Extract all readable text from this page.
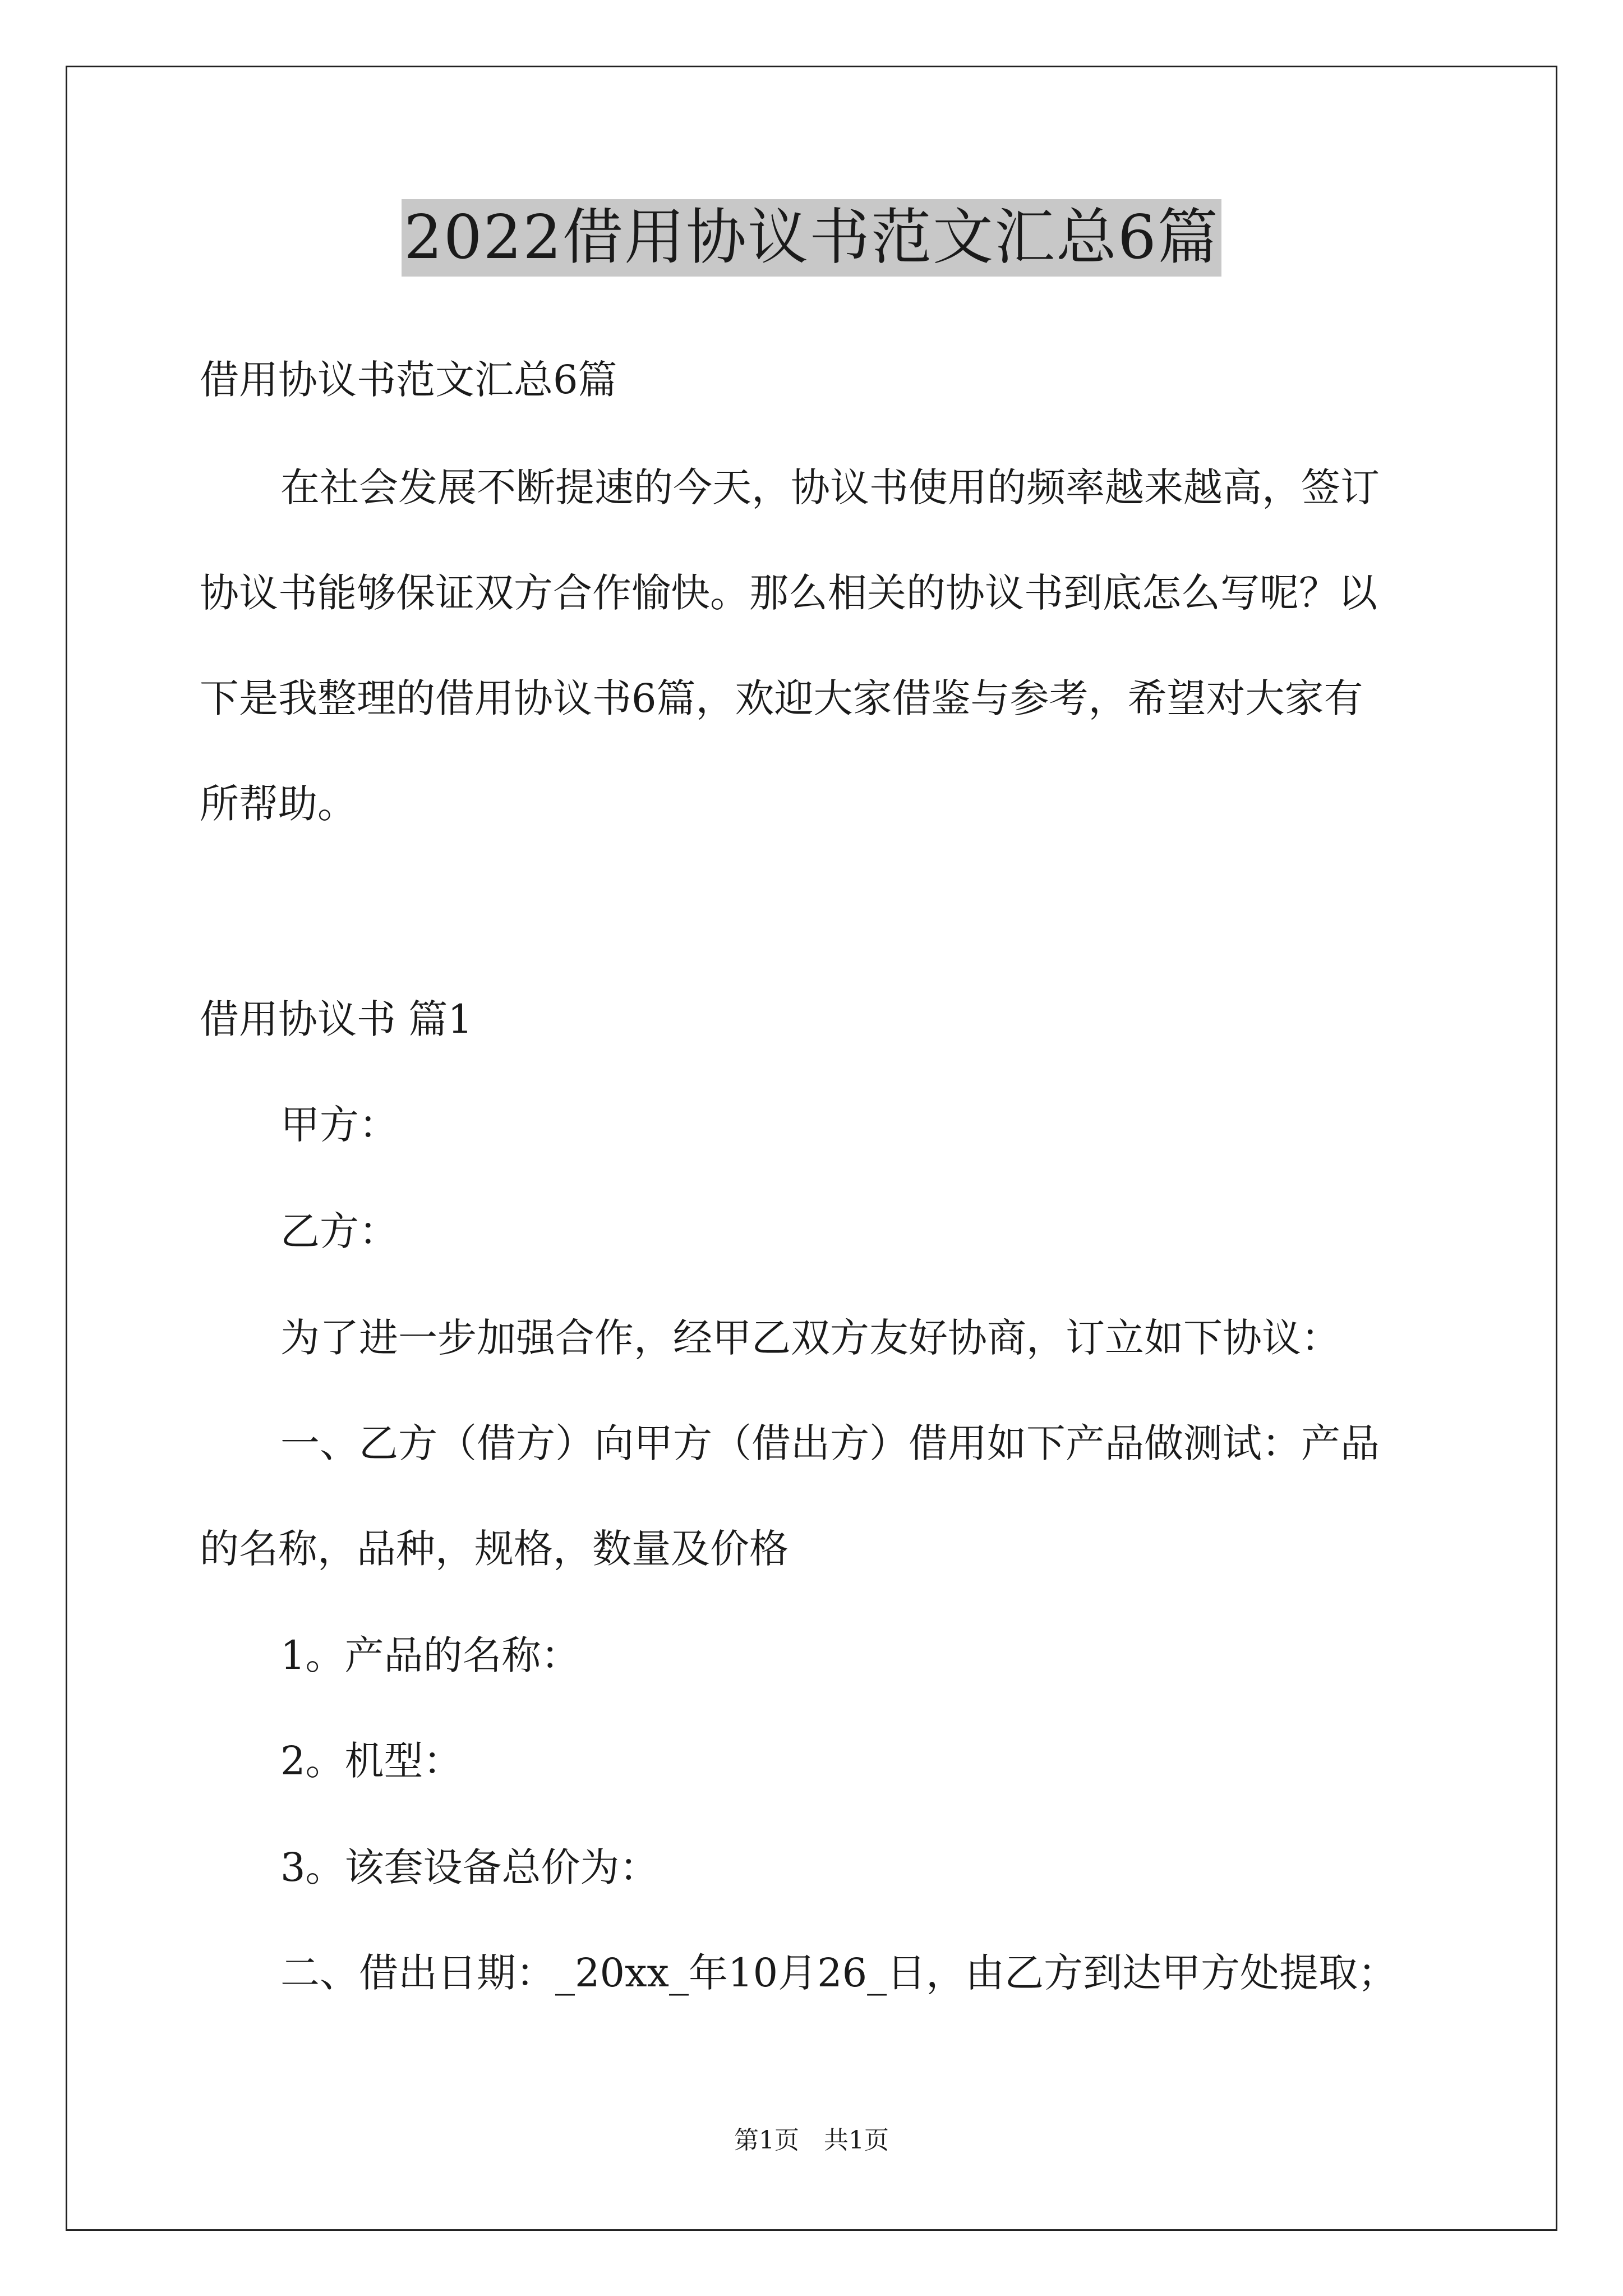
2022借用协议书范文汇总6篇
借用协议书范文汇总6篇
在社会发展不断提速的今天，协议书使用的频率越来越高，签订
协议书能够保证双方合作愉快。那么相关的协议书到底怎么写呢？以
下是我整理的借用协议书6篇，欢迎大家借鉴与参考，希望对大家有
所帮助。
借用协议书 篇1
甲方：
乙方：
为了进一步加强合作，经甲乙双方友好协商，订立如下协议：
一、乙方（借方）向甲方（借出方）借用如下产品做测试：产品
的名称，品种，规格，数量及价格
1。产品的名称：
2。机型：
3。该套设备总价为：
二、借出日期：_20xx_年10月26_日，由乙方到达甲方处提取；
第1页　共1页
